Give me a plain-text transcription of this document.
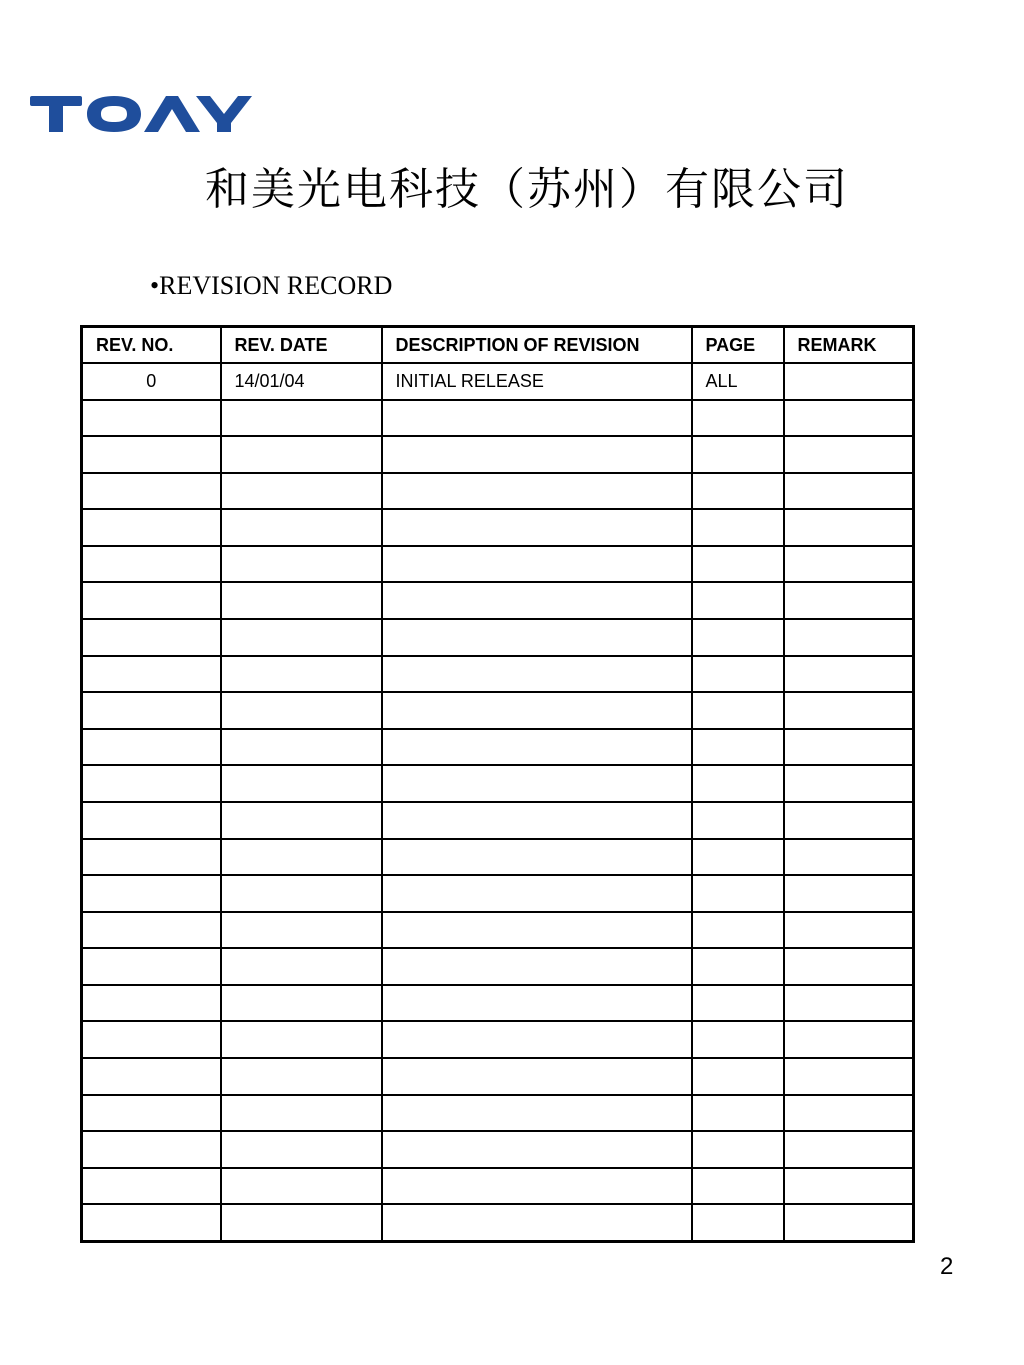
和美光电科技（苏州）有限公司
•REVISION RECORD
REV. NO.	REV. DATE	DESCRIPTION OF REVISION	PAGE	REMARK
0	14/01/04	INITIAL RELEASE	ALL	

2
